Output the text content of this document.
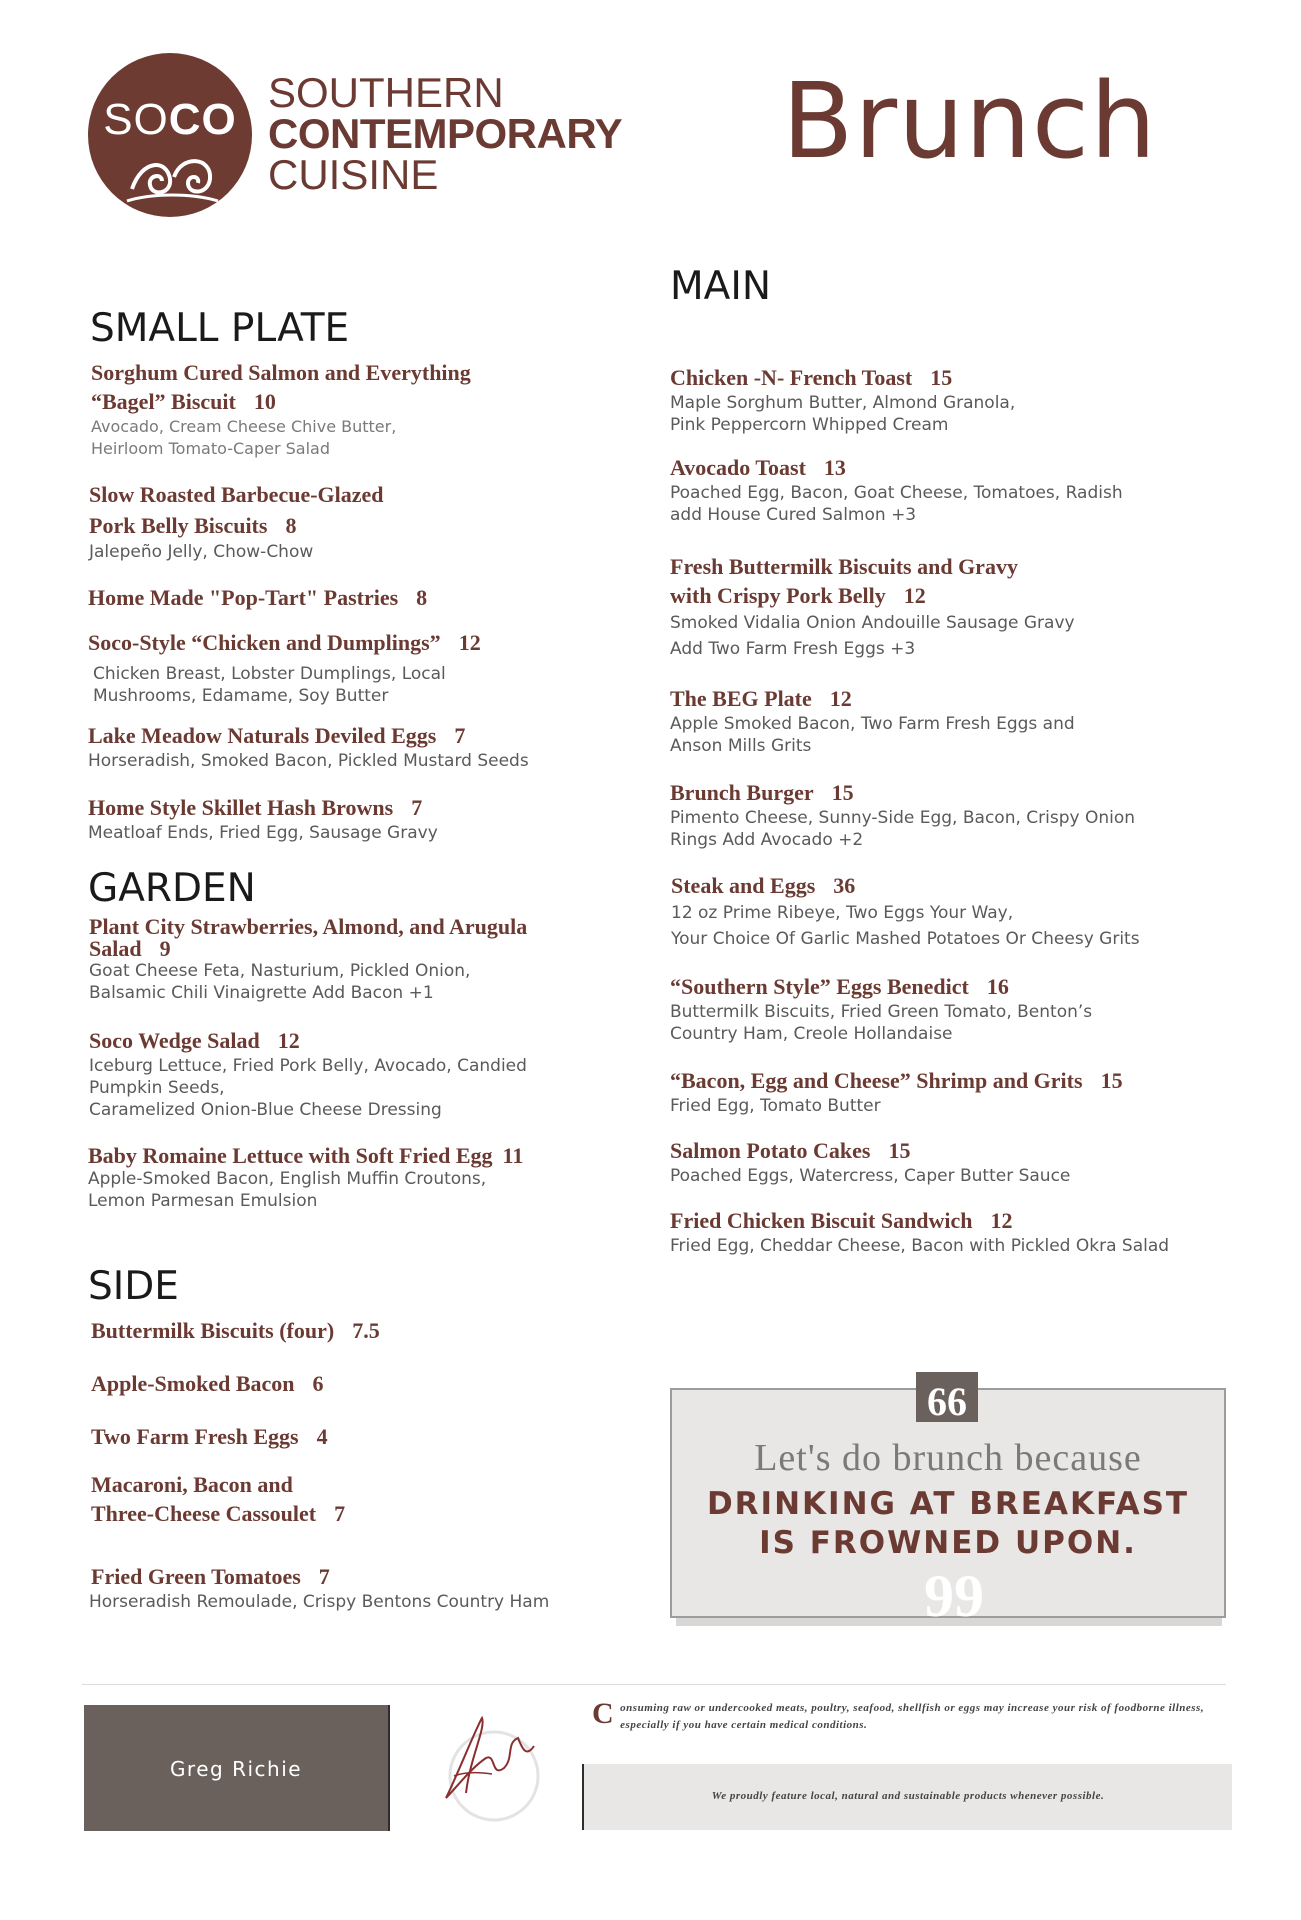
SOCO
SOUTHERN
CONTEMPORARY
CUISINE	Brunch
SMALL PLATE
Sorghum Cured Salmon and Everything
“Bagel” Biscuit 10
Avocado, Cream Cheese Chive Butter,
Heirloom Tomato-Caper Salad
Slow Roasted Barbecue-Glazed
Pork Belly Biscuits 8
Jalepeño Jelly, Chow-Chow
Home Made "Pop-Tart" Pastries 8
Soco-Style “Chicken and Dumplings” 12
Chicken Breast, Lobster Dumplings, Local
Mushrooms, Edamame, Soy Butter
Lake Meadow Naturals Deviled Eggs 7
Horseradish, Smoked Bacon, Pickled Mustard Seeds
Home Style Skillet Hash Browns 7
Meatloaf Ends, Fried Egg, Sausage Gravy
GARDEN
Plant City Strawberries, Almond, and Arugula
Salad 9
Goat Cheese Feta, Nasturium, Pickled Onion,
Balsamic Chili Vinaigrette Add Bacon +1
Soco Wedge Salad 12
Iceburg Lettuce, Fried Pork Belly, Avocado, Candied
Pumpkin Seeds,
Caramelized Onion-Blue Cheese Dressing
Baby Romaine Lettuce with Soft Fried Egg 11
Apple-Smoked Bacon, English Muffin Croutons,
Lemon Parmesan Emulsion
SIDE
Buttermilk Biscuits (four) 7.5
Apple-Smoked Bacon 6
Two Farm Fresh Eggs 4
Macaroni, Bacon and
Three-Cheese Cassoulet 7
Fried Green Tomatoes 7
Horseradish Remoulade, Crispy Bentons Country Ham
MAIN
Chicken -N- French Toast 15
Maple Sorghum Butter, Almond Granola,
Pink Peppercorn Whipped Cream
Avocado Toast 13
Poached Egg, Bacon, Goat Cheese, Tomatoes, Radish
add House Cured Salmon +3
Fresh Buttermilk Biscuits and Gravy
with Crispy Pork Belly 12
Smoked Vidalia Onion Andouille Sausage Gravy
Add Two Farm Fresh Eggs +3
The BEG Plate 12
Apple Smoked Bacon, Two Farm Fresh Eggs and
Anson Mills Grits
Brunch Burger 15
Pimento Cheese, Sunny-Side Egg, Bacon, Crispy Onion
Rings Add Avocado +2
Steak and Eggs 36
12 oz Prime Ribeye, Two Eggs Your Way,
Your Choice Of Garlic Mashed Potatoes Or Cheesy Grits
“Southern Style” Eggs Benedict 16
Buttermilk Biscuits, Fried Green Tomato, Benton’s
Country Ham, Creole Hollandaise
“Bacon, Egg and Cheese” Shrimp and Grits 15
Fried Egg, Tomato Butter
Salmon Potato Cakes 15
Poached Eggs, Watercress, Caper Butter Sauce
Fried Chicken Biscuit Sandwich 12
Fried Egg, Cheddar Cheese, Bacon with Pickled Okra Salad
66
Let's do brunch because
DRINKING AT BREAKFAST
IS FROWNED UPON.
99
Greg Richie
Consuming raw or undercooked meats, poultry, seafood, shellfish or eggs may increase your risk of foodborne illness, especially if you have certain medical conditions.
We proudly feature local, natural and sustainable products whenever possible.
